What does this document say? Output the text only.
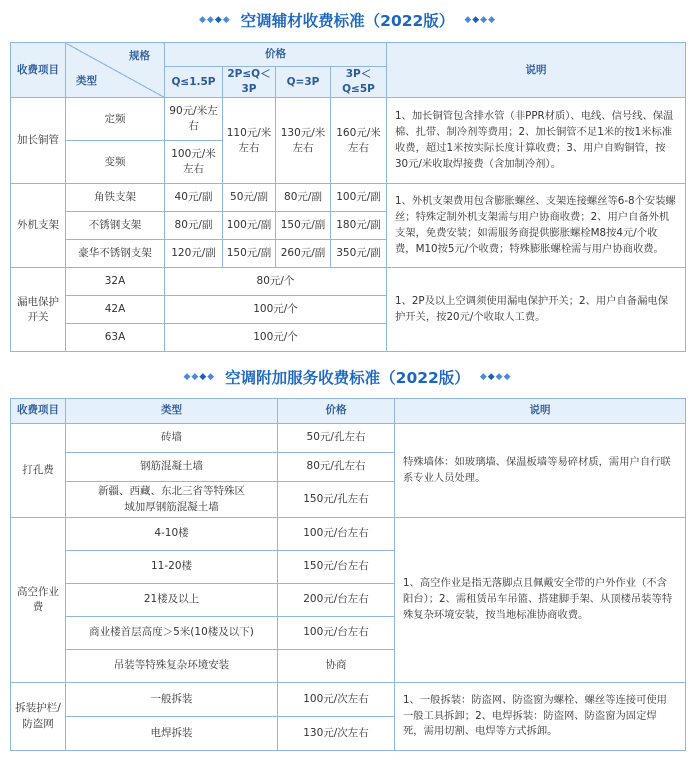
◆◆◆◆ 空调辅材收费标准（2022版） ◆◆◆◆
收费项目	规格
类型	价格				说明
		Q≤1.5P	2P≤Q＜3P	Q=3P	3P＜Q≤5P	
加长铜管	定频	90元/米左右	110元/米左右	130元/米左右	160元/米左右	1、加长铜管包含排水管（非PPR材质）、电线、信号线、保温棉、扎带、制冷剂等费用；2、加长铜管不足1米的按1米标准收费，超过1米按实际长度计算收费；3、用户自购铜管，按30元/米收取焊接费（含加制冷剂）。
	变频	100元/米左右				
外机支架	角铁支架	40元/副	50元/副	80元/副	100元/副	1、外机支架费用包含膨胀螺丝、支架连接螺丝等6-8个安装螺丝；特殊定制外机支架需与用户协商收费；2、用户自备外机支架，免费安装；如需服务商提供膨胀螺栓M8按4元/个收费，M10按5元/个收费；特殊膨胀螺栓需与用户协商收费。
	不锈钢支架	80元/副	100元/副	150元/副	180元/副	
	豪华不锈钢支架	120元/副	150元/副	260元/副	350元/副	
漏电保护开关	32A	80元/个				1、2P及以上空调须使用漏电保护开关；2、用户自备漏电保护开关，按20元/个收取人工费。
	42A	100元/个				
	63A	100元/个				
◆◆◆◆ 空调附加服务收费标准（2022版） ◆◆◆◆
收费项目	类型	价格	说明
打孔费	砖墙	50元/孔左右	特殊墙体：如玻璃墙、保温板墙等易碎材质，需用户自行联系专业人员处理。
	钢筋混凝土墙	80元/孔左右	
	新疆、西藏、东北三省等特殊区域加厚钢筋混凝土墙	150元/孔左右	
高空作业费	4-10楼	100元/台左右	1、高空作业是指无落脚点且佩戴安全带的户外作业（不含阳台）；2、需租赁吊车吊篮、搭建脚手架、从顶楼吊装等特殊复杂环境安装，按当地标准协商收费。
	11-20楼	150元/台左右	
	21楼及以上	200元/台左右	
	商业楼首层高度＞5米(10楼及以下)	100元/台左右	
	吊装等特殊复杂环境安装	协商	
拆装护栏/防盗网	一般拆装	100元/次左右	1、一般拆装：防盗网、防盗窗为螺栓、螺丝等连接可使用一般工具拆卸；2、电焊拆装：防盗网、防盗窗为固定焊死，需用切割、电焊等方式拆卸。
	电焊拆装	130元/次左右	
